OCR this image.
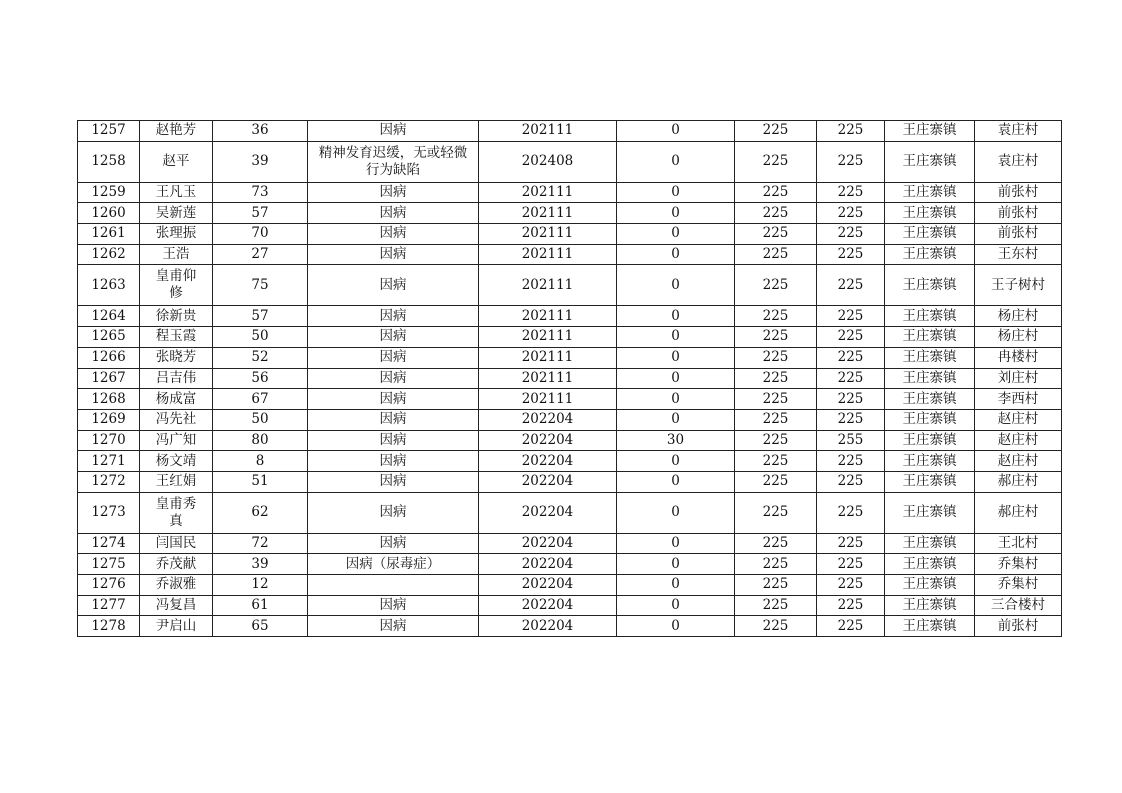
1257	赵艳芳	36	因病	202111	0	225	225	王庄寨镇	袁庄村
1258	赵平	39	精神发育迟缓，无或轻微行为缺陷	202408	0	225	225	王庄寨镇	袁庄村
1259	王凡玉	73	因病	202111	0	225	225	王庄寨镇	前张村
1260	吴新莲	57	因病	202111	0	225	225	王庄寨镇	前张村
1261	张理振	70	因病	202111	0	225	225	王庄寨镇	前张村
1262	王浩	27	因病	202111	0	225	225	王庄寨镇	王东村
1263	皇甫仰修	75	因病	202111	0	225	225	王庄寨镇	王子树村
1264	徐新贵	57	因病	202111	0	225	225	王庄寨镇	杨庄村
1265	程玉霞	50	因病	202111	0	225	225	王庄寨镇	杨庄村
1266	张晓芳	52	因病	202111	0	225	225	王庄寨镇	冉楼村
1267	吕吉伟	56	因病	202111	0	225	225	王庄寨镇	刘庄村
1268	杨成富	67	因病	202111	0	225	225	王庄寨镇	李西村
1269	冯先社	50	因病	202204	0	225	225	王庄寨镇	赵庄村
1270	冯广知	80	因病	202204	30	225	255	王庄寨镇	赵庄村
1271	杨文靖	8	因病	202204	0	225	225	王庄寨镇	赵庄村
1272	王红娟	51	因病	202204	0	225	225	王庄寨镇	郝庄村
1273	皇甫秀真	62	因病	202204	0	225	225	王庄寨镇	郝庄村
1274	闫国民	72	因病	202204	0	225	225	王庄寨镇	王北村
1275	乔茂献	39	因病（尿毒症）	202204	0	225	225	王庄寨镇	乔集村
1276	乔淑雅	12		202204	0	225	225	王庄寨镇	乔集村
1277	冯复昌	61	因病	202204	0	225	225	王庄寨镇	三合楼村
1278	尹启山	65	因病	202204	0	225	225	王庄寨镇	前张村
